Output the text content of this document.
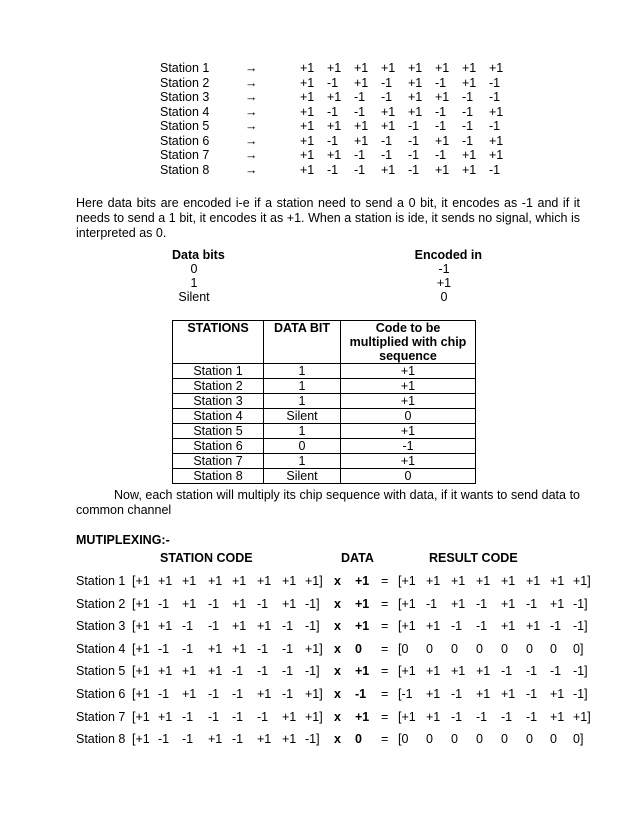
Station 1	→	+1	+1	+1	+1	+1	+1	+1	+1
Station 2	→	+1	-1	+1	-1	+1	-1	+1	-1
Station 3	→	+1	+1	-1	-1	+1	+1	-1	-1
Station 4	→	+1	-1	-1	+1	+1	-1	-1	+1
Station 5	→	+1	+1	+1	+1	-1	-1	-1	-1
Station 6	→	+1	-1	+1	-1	-1	+1	-1	+1
Station 7	→	+1	+1	-1	-1	-1	-1	+1	+1
Station 8	→	+1	-1	-1	+1	-1	+1	+1	-1
Here data bits are encoded i-e if a station need to send a 0 bit, it encodes as -1 and if it needs to send a 1 bit, it encodes it as +1. When a station is ide, it sends no signal, which is interpreted as 0.
Data bits	Encoded in
0	-1
1	+1
Silent	0
STATIONS	DATA BIT	Code to be multiplied with chip sequence
Station 1	1	+1
Station 2	1	+1
Station 3	1	+1
Station 4	Silent	0
Station 5	1	+1
Station 6	0	-1
Station 7	1	+1
Station 8	Silent	0
Now, each station will multiply its chip sequence with data, if it wants to send data to common channel
MUTIPLEXING:-
STATION CODE	DATA	RESULT CODE
Station 1 [+1 +1 +1 +1 +1 +1 +1 +1] x +1 = [+1 +1 +1 +1 +1 +1 +1 +1]
Station 2 [+1 -1 +1 -1 +1 -1 +1 -1] x +1 = [+1 -1 +1 -1 +1 -1 +1 -1]
Station 3 [+1 +1 -1 -1 +1 +1 -1 -1] x +1 = [+1 +1 -1 -1 +1 +1 -1 -1]
Station 4 [+1 -1 -1 +1 +1 -1 -1 +1] x 0 = [0 0 0 0 0 0 0 0]
Station 5 [+1 +1 +1 +1 -1 -1 -1 -1] x +1 = [+1 +1 +1 +1 -1 -1 -1 -1]
Station 6 [+1 -1 +1 -1 -1 +1 -1 +1] x -1 = [-1 +1 -1 +1 +1 -1 +1 -1]
Station 7 [+1 +1 -1 -1 -1 -1 +1 +1] x +1 = [+1 +1 -1 -1 -1 -1 +1 +1]
Station 8 [+1 -1 -1 +1 -1 +1 +1 -1] x 0 = [0 0 0 0 0 0 0 0]
